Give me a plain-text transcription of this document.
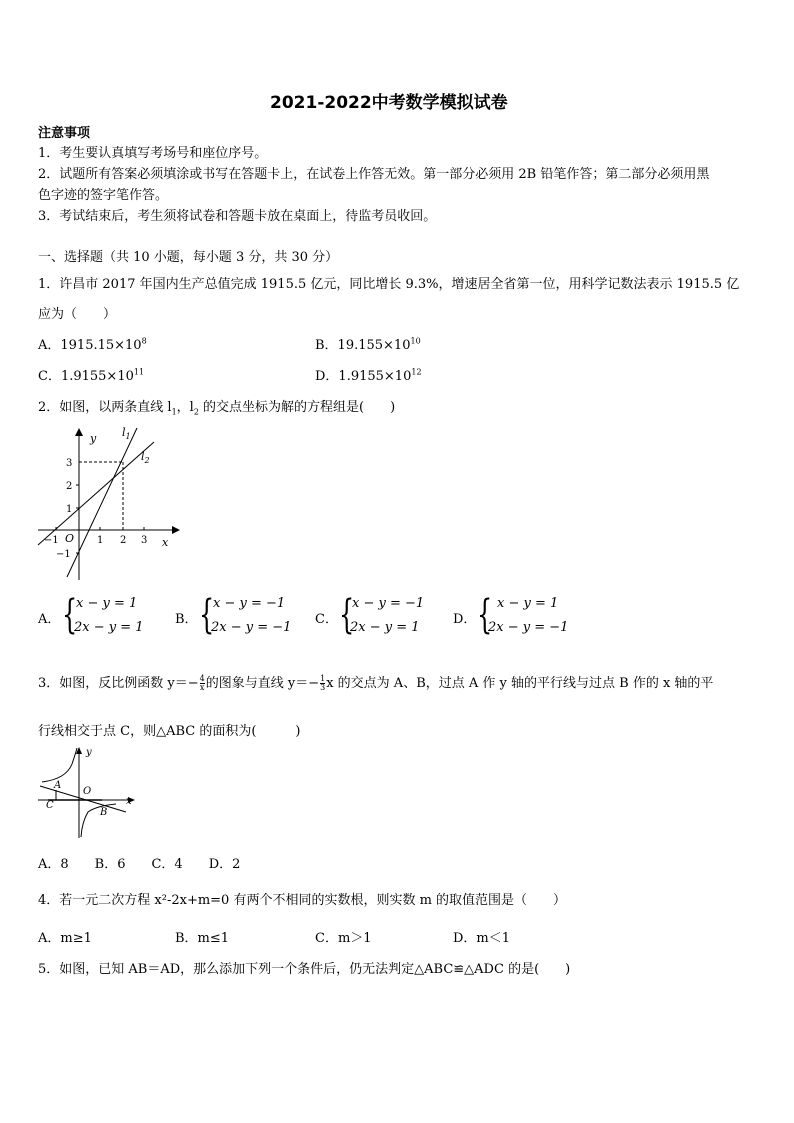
2021-2022中考数学模拟试卷
注意事项
1．考生要认真填写考场号和座位序号。
2．试题所有答案必须填涂或书写在答题卡上，在试卷上作答无效。第一部分必须用 2B 铅笔作答；第二部分必须用黑
色字迹的签字笔作答。
3．考试结束后，考生须将试卷和答题卡放在桌面上，待监考员收回。
一、选择题（共 10 小题，每小题 3 分，共 30 分）
1．许昌市 2017 年国内生产总值完成 1915.5 亿元，同比增长 9.3%，增速居全省第一位，用科学记数法表示 1915.5 亿
应为（　　）
A．$1915.15\times 10^8$	B．$19.155\times 10^{10}$
C．$1.9155\times 10^{11}$	D．$1.9155\times 10^{12}$
2．如图，以两条直线 $l_1$，$l_2$ 的交点坐标为解的方程组是(　　)
y
x
O
$l_1$
$l_2$
3
2
1
−1
1 2 3
−1
A． {
x − y = 1
2x − y = 1
B． {
x − y = −1
2x − y = −1
C． {
x − y = −1
2x − y = 1
D． { x − y = 1
2x − y = −1
3．如图，反比例函数 $y=- \frac{4}{x}$ 的图象与直线 $y=- \frac{1}{3}$ x 的交点为 A、B，过点 A 作 y 轴的平行线与过点 B 作的 x 轴的平
行线相交于点 C，则△ABC 的面积为(　　　)
y
x
O
A
B
C
A．8　　B．6　　C．4　　D．2
4．若一元二次方程 x²-2x+m=0 有两个不相同的实数根，则实数 m 的取值范围是（　　）
A．m≥1	B．m≤1	C．m＞1	D．m＜1
5．如图，已知 AB＝AD，那么添加下列一个条件后，仍无法判定△ABC≌△ADC 的是(　　)
